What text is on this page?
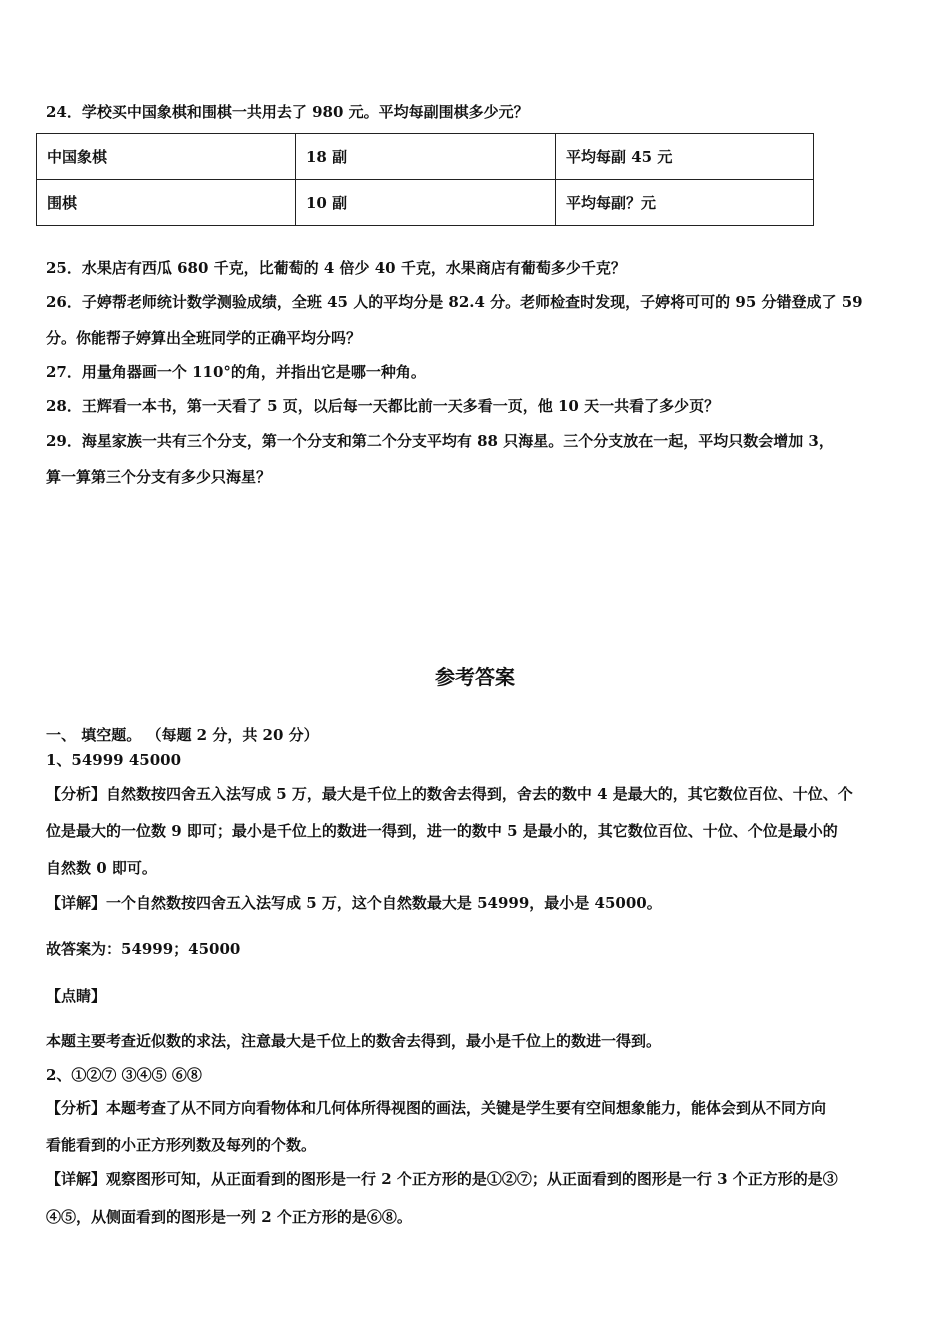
24．学校买中国象棋和围棋一共用去了 980 元。平均每副围棋多少元？
中国象棋	18 副	平均每副 45 元
围棋	10 副	平均每副？元
25．水果店有西瓜 680 千克，比葡萄的 4 倍少 40 千克，水果商店有葡萄多少千克？
26．子婷帮老师统计数学测验成绩，全班 45 人的平均分是 82.4 分。老师检查时发现，子婷将可可的 95 分错登成了 59
分。你能帮子婷算出全班同学的正确平均分吗？
27．用量角器画一个 110°的角，并指出它是哪一种角。
28．王辉看一本书，第一天看了 5 页，以后每一天都比前一天多看一页，他 10 天一共看了多少页？
29．海星家族一共有三个分支，第一个分支和第二个分支平均有 88 只海星。三个分支放在一起，平均只数会增加 3，
算一算第三个分支有多少只海星？
参考答案
一、 填空题。 （每题 2 分，共 20 分）
1、54999 45000
【分析】自然数按四舍五入法写成 5 万，最大是千位上的数舍去得到，舍去的数中 4 是最大的，其它数位百位、十位、个
位是最大的一位数 9 即可；最小是千位上的数进一得到，进一的数中 5 是最小的，其它数位百位、十位、个位是最小的
自然数 0 即可。
【详解】一个自然数按四舍五入法写成 5 万，这个自然数最大是 54999，最小是 45000。
故答案为：54999；45000
【点睛】
本题主要考查近似数的求法，注意最大是千位上的数舍去得到，最小是千位上的数进一得到。
2、①②⑦ ③④⑤ ⑥⑧
【分析】本题考查了从不同方向看物体和几何体所得视图的画法，关键是学生要有空间想象能力，能体会到从不同方向
看能看到的小正方形列数及每列的个数。
【详解】观察图形可知，从正面看到的图形是一行 2 个正方形的是①②⑦；从正面看到的图形是一行 3 个正方形的是③
④⑤，从侧面看到的图形是一列 2 个正方形的是⑥⑧。
